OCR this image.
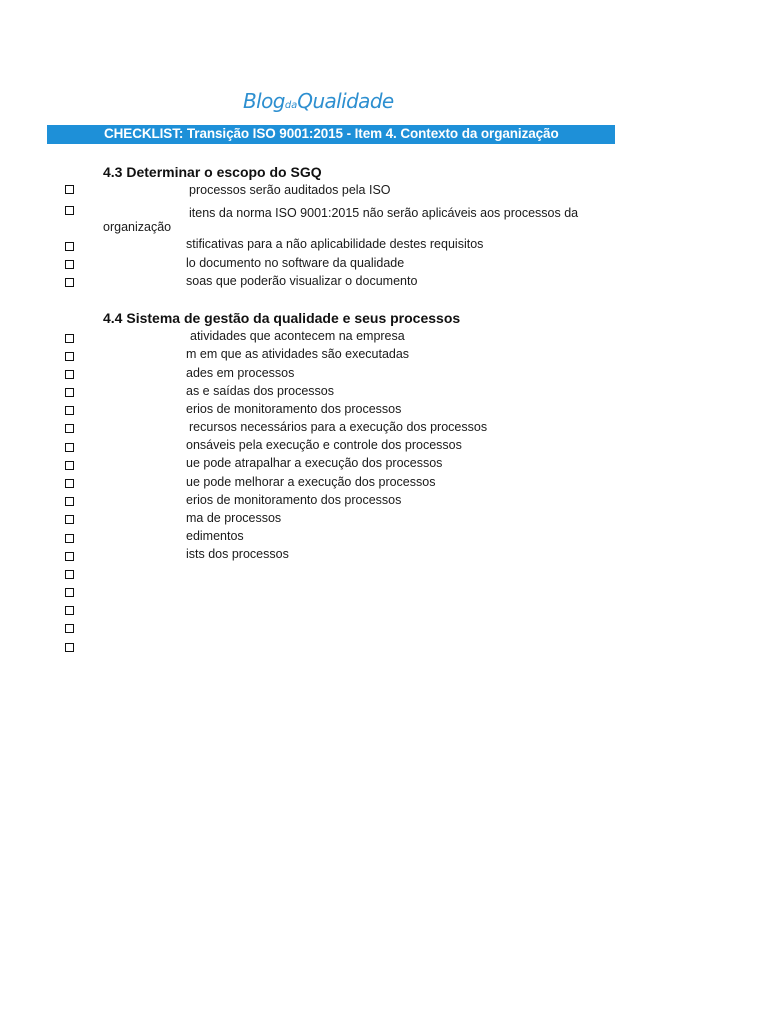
BlogdaQualidade
CHECKLIST: Transição ISO 9001:2015 - Item 4. Contexto da organização
4.3 Determinar o escopo do SGQ
processos serão auditados pela ISO
itens da norma ISO 9001:2015 não serão aplicáveis aos processos da
organização
stificativas para a não aplicabilidade destes requisitos
lo documento no software da qualidade
soas que poderão visualizar o documento
4.4 Sistema de gestão da qualidade e seus processos
atividades que acontecem na empresa
m em que as atividades são executadas
ades em processos
as e saídas dos processos
erios de monitoramento dos processos
recursos necessários para a execução dos processos
onsáveis pela execução e controle dos processos
ue pode atrapalhar a execução dos processos
ue pode melhorar a execução dos processos
erios de monitoramento dos processos
ma de processos
edimentos
ists dos processos
